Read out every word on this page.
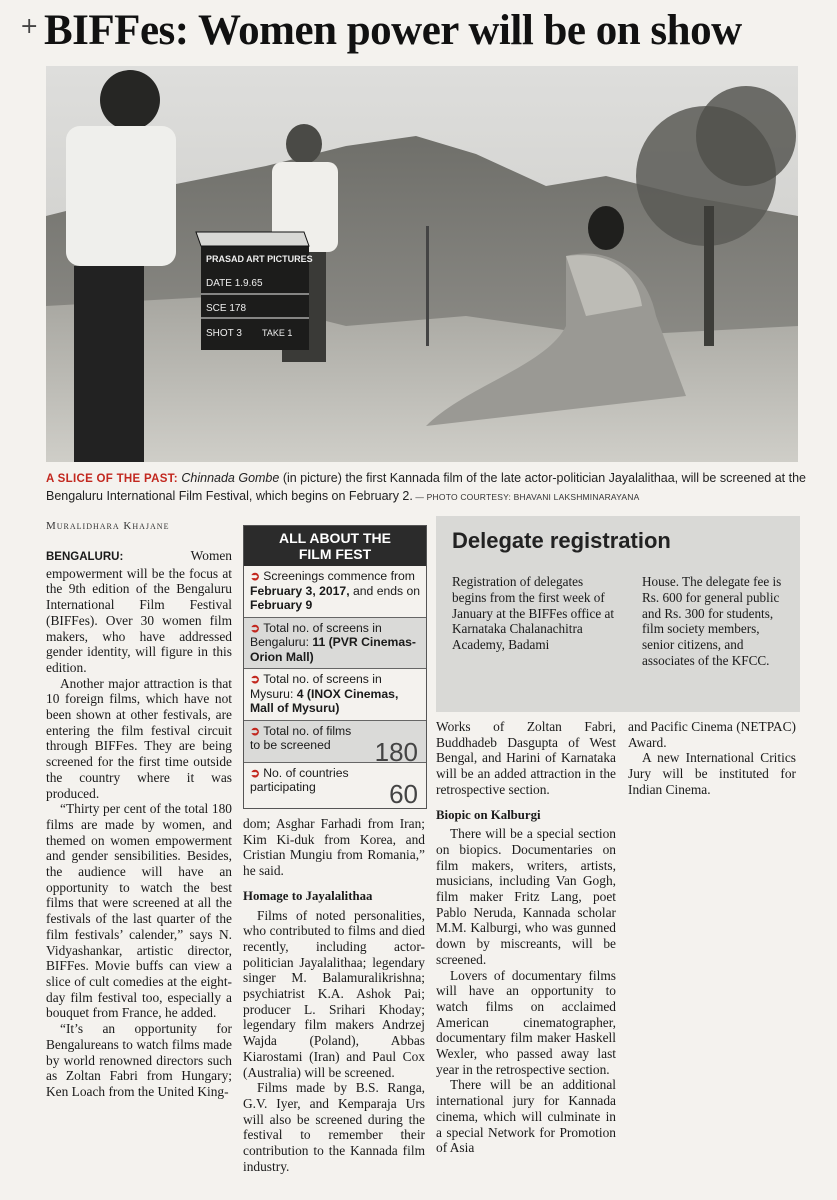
+ BIFFes: Women power will be on show
PRASAD ART PICTURES
DATE 1.9.65
SCE 178
SHOT 3 TAKE 1
A SLICE OF THE PAST: Chinnada Gombe (in picture) the first Kannada film of the late actor-politician Jayalalithaa, will be screened at the Bengaluru International Film Festival, which begins on February 2. — PHOTO COURTESY: BHAVANI LAKSHMINARAYANA
Muralidhara Khajane

BENGALURU: Women empowerment will be the focus at the 9th edition of the Bengaluru International Film Festival (BIFFes). Over 30 women film makers, who have addressed gender identity, will figure in this edition.

Another major attraction is that 10 foreign films, which have not been shown at other festivals, are entering the film festival circuit through BIFFes. They are being screened for the first time outside the country where it was produced.

“Thirty per cent of the total 180 films are made by women, and themed on women empowerment and gender sensibilities. Besides, the audience will have an opportunity to watch the best films that were screened at all the festivals of the last quarter of the film festivals’ calender,” says N. Vidyashankar, artistic director, BIFFes. Movie buffs can view a slice of cult comedies at the eight-day film festival too, especially a bouquet from France, he added.

“It’s an opportunity for Bengalureans to watch films made by world renowned directors such as Zoltan Fabri from Hungary; Ken Loach from the United King-

ALL ABOUT THE
FILM FEST
➲ Screenings commence from February 3, 2017, and ends on February 9
➲ Total no. of screens in Bengaluru: 11 (PVR Cinemas-Orion Mall)
➲ Total no. of screens in Mysuru: 4 (INOX Cinemas, Mall of Mysuru)
➲ Total no. of films to be screened 180
➲ No. of countries participating	60
Delegate registration
Registration of delegates begins from the first week of January at the BIFFes office at Karnataka Chalanachitra Academy, Badami
House. The delegate fee is Rs. 600 for general public and Rs. 300 for students, film society members, senior citizens, and associates of the KFCC.

dom; Asghar Farhadi from Iran; Kim Ki-duk from Korea, and Cristian Mungiu from Romania,” he said.

Homage to Jayalalithaa

Films of noted personalities, who contributed to films and died recently, including actor-politician Jayalalithaa; legendary singer M. Balamuralikrishna; psychiatrist K.A. Ashok Pai; producer L. Srihari Khoday; legendary film makers Andrzej Wajda (Poland), Abbas Kiarostami (Iran) and Paul Cox (Australia) will be screened.

Films made by B.S. Ranga, G.V. Iyer, and Kemparaja Urs will also be screened during the festival to remember their contribution to the Kannada film industry.

Works of Zoltan Fabri, Buddhadeb Dasgupta of West Bengal, and Harini of Karnataka will be an added attraction in the retrospective section.

Biopic on Kalburgi

There will be a special section on biopics. Documentaries on film makers, writers, artists, musicians, including Van Gogh, film maker Fritz Lang, poet Pablo Neruda, Kannada scholar M.M. Kalburgi, who was gunned down by miscreants, will be screened.

Lovers of documentary films will have an opportunity to watch films on acclaimed American cinematographer, documentary film maker Haskell Wexler, who passed away last year in the retrospective section.

There will be an additional international jury for Kannada cinema, which will culminate in a special Network for Promotion of Asia

and Pacific Cinema (NETPAC) Award.

A new International Critics Jury will be instituted for Indian Cinema.
